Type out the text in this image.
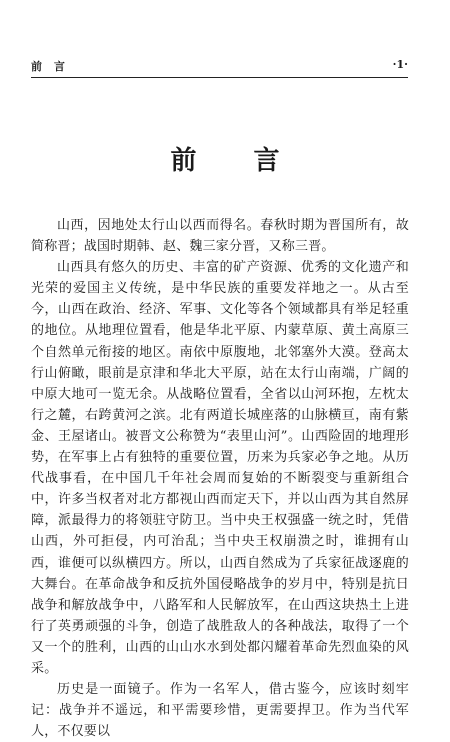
前 言	·1·
前 言

山西，因地处太行山以西而得名。春秋时期为晋国所有，故简称晋；战国时期韩、赵、魏三家分晋，又称三晋。

山西具有悠久的历史、丰富的矿产资源、优秀的文化遗产和光荣的爱国主义传统，是中华民族的重要发祥地之一。从古至今，山西在政治、经济、军事、文化等各个领域都具有举足轻重的地位。从地理位置看，他是华北平原、内蒙草原、黄土高原三个自然单元衔接的地区。南依中原腹地，北邻塞外大漠。登高太行山俯瞰，眼前是京津和华北大平原，站在太行山南端，广阔的中原大地可一览无余。从战略位置看，全省以山河环抱，左枕太行之麓，右跨黄河之滨。北有两道长城座落的山脉横亘，南有紫金、王屋诸山。被晋文公称赞为“表里山河”。山西险固的地理形势，在军事上占有独特的重要位置，历来为兵家必争之地。从历代战事看，在中国几千年社会周而复始的不断裂变与重新组合中，许多当权者对北方都视山西而定天下，并以山西为其自然屏障，派最得力的将领驻守防卫。当中央王权强盛一统之时，凭借山西，外可拒侵，内可治乱；当中央王权崩溃之时，谁拥有山西，谁便可以纵横四方。所以，山西自然成为了兵家征战逐鹿的大舞台。在革命战争和反抗外国侵略战争的岁月中，特别是抗日战争和解放战争中，八路军和人民解放军，在山西这块热土上进行了英勇顽强的斗争，创造了战胜敌人的各种战法，取得了一个又一个的胜利，山西的山山水水到处都闪耀着革命先烈血染的风采。

历史是一面镜子。作为一名军人，借古鉴今，应该时刻牢记：战争并不遥远，和平需要珍惜，更需要捍卫。作为当代军人，不仅要以
